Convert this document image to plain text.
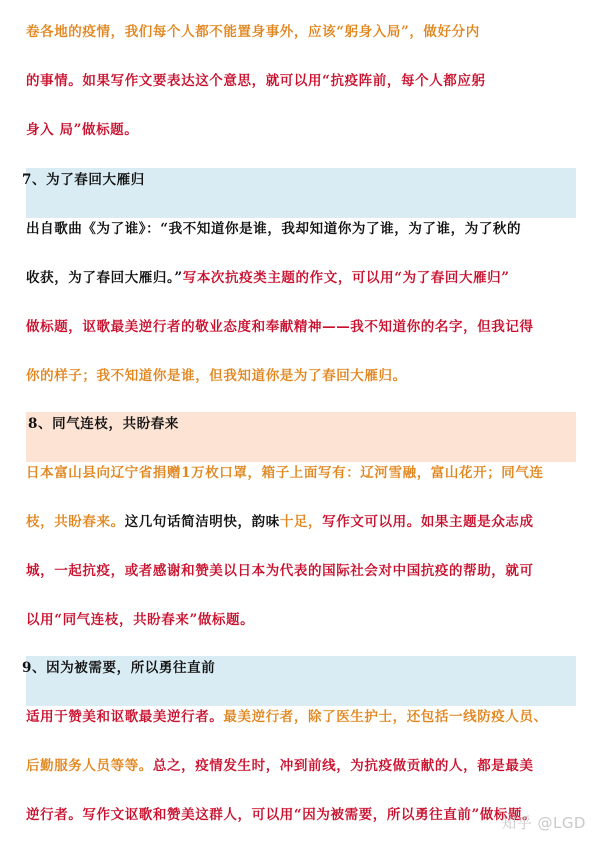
卷各地的疫情，我们每个人都不能置身事外，应该“躬身入局”，做好分内
的事情。如果写作文要表达这个意思，就可以用“抗疫阵前，每个人都应躬
身入 局”做标题。
7、为了春回大雁归
出自歌曲《为了谁》：“我不知道你是谁，我却知道你为了谁，为了谁，为了秋的
收获，为了春回大雁归。”写本次抗疫类主题的作文，可以用“为了春回大雁归”
做标题，讴歌最美逆行者的敬业态度和奉献精神——我不知道你的名字，但我记得
你的样子；我不知道你是谁，但我知道你是为了春回大雁归。
8、同气连枝，共盼春来
日本富山县向辽宁省捐赠1万枚口罩，箱子上面写有：辽河雪融，富山花开；同气连
枝，共盼春来。这几句话简洁明快，韵味十足，写作文可以用。如果主题是众志成
城，一起抗疫，或者感谢和赞美以日本为代表的国际社会对中国抗疫的帮助，就可
以用“同气连枝，共盼春来”做标题。
9、因为被需要，所以勇往直前
适用于赞美和讴歌最美逆行者。最美逆行者，除了医生护士，还包括一线防疫人员、
后勤服务人员等等。总之，疫情发生时，冲到前线，为抗疫做贡献的人，都是最美
逆行者。写作文讴歌和赞美这群人，可以用“因为被需要，所以勇往直前”做标题。
知乎 @LGD
